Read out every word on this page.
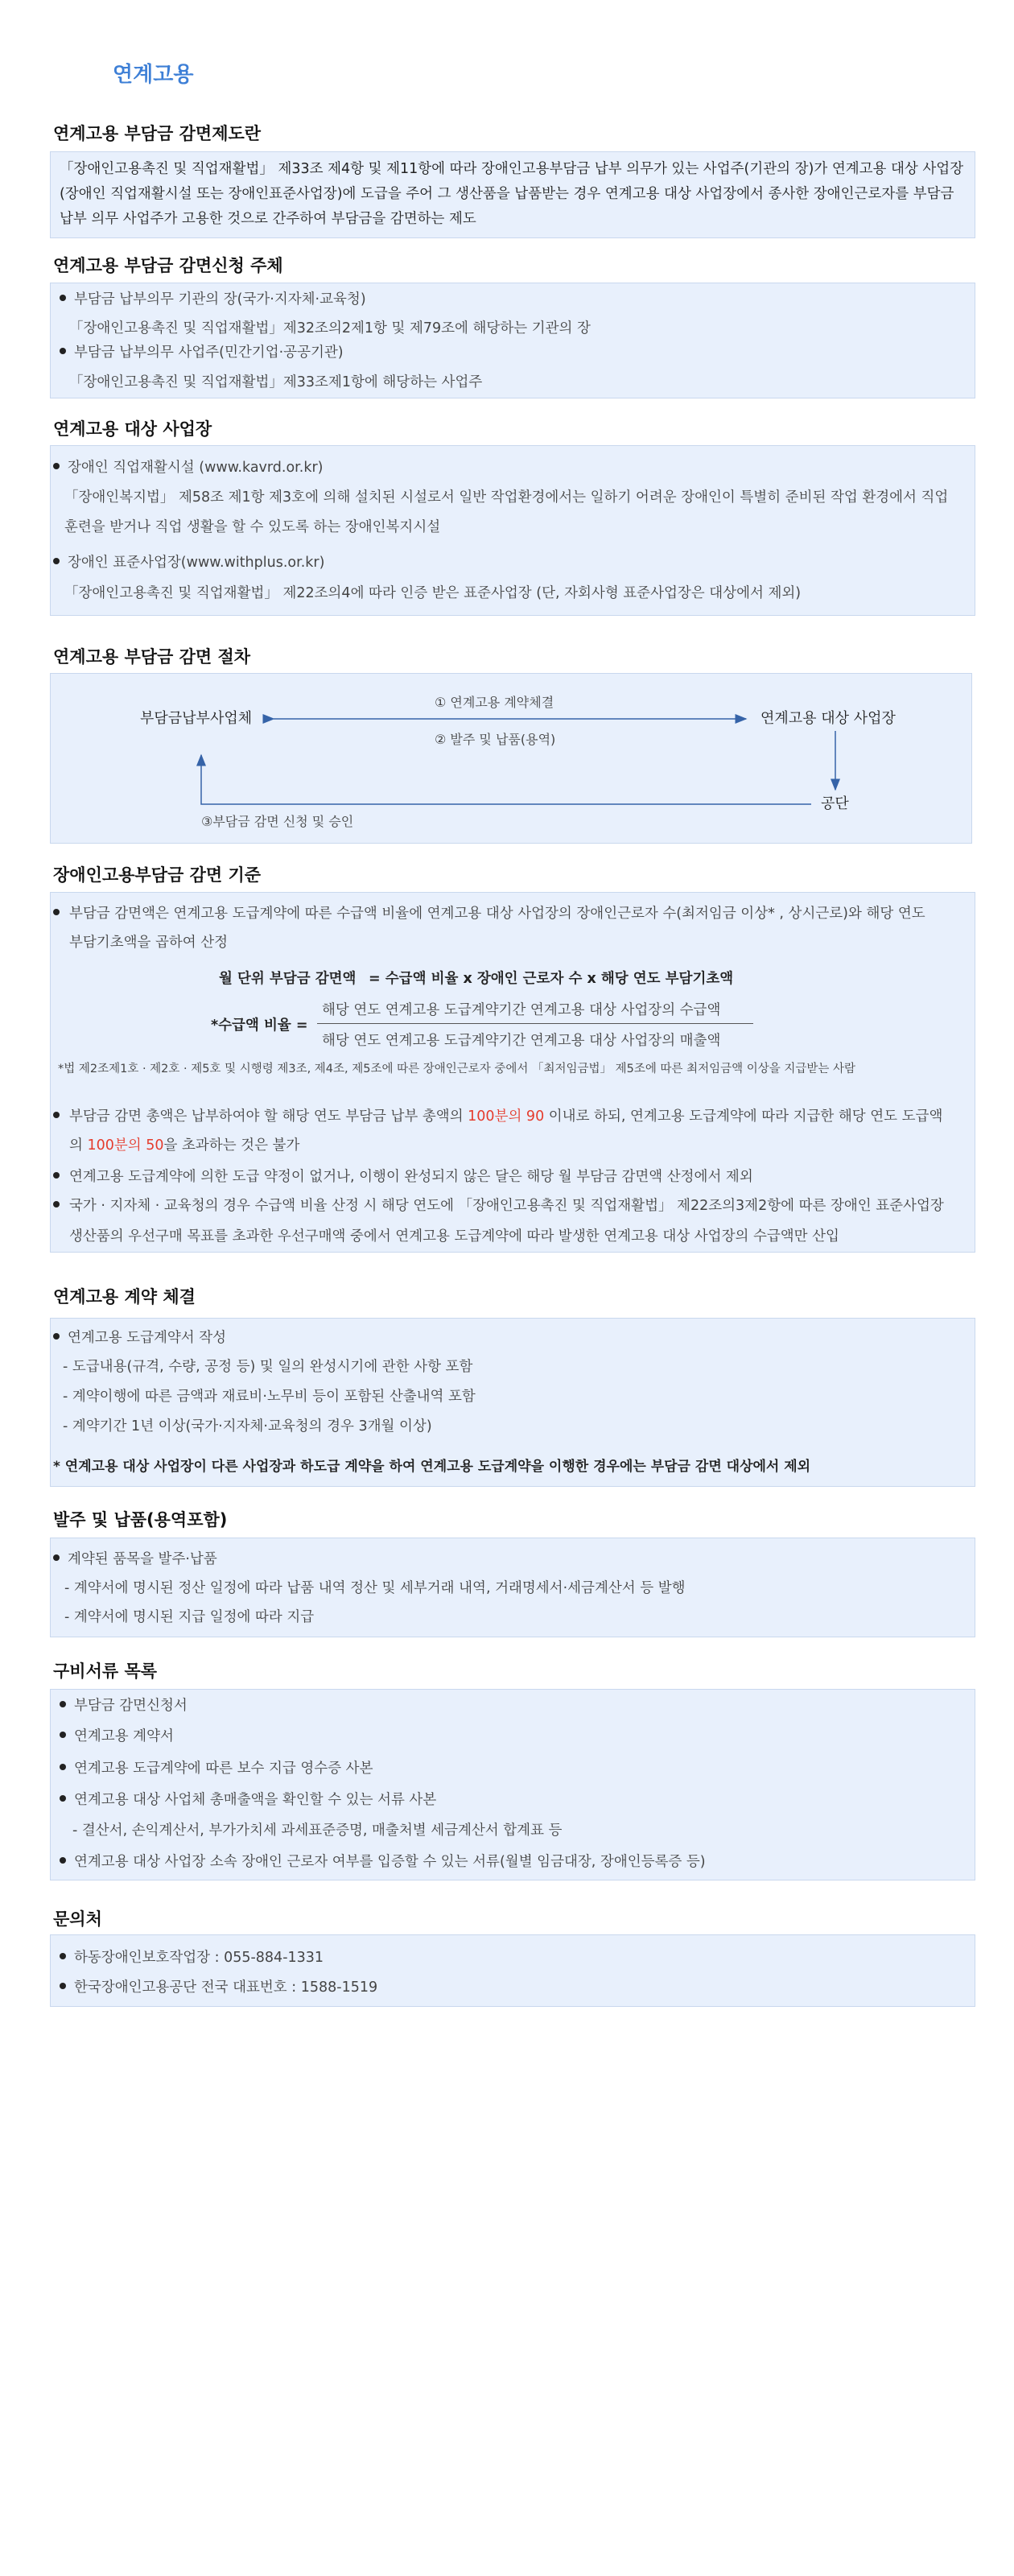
연계고용
연계고용 부담금 감면제도란

「장애인고용촉진 및 직업재활법」 제33조 제4항 및 제11항에 따라 장애인고용부담금 납부 의무가 있는 사업주(기관의 장)가 연계고용 대상 사업장(장애인 직업재활시설 또는 장애인표준사업장)에 도급을 주어 그 생산품을 납품받는 경우 연계고용 대상 사업장에서 종사한 장애인근로자를 부담금 납부 의무 사업주가 고용한 것으로 간주하여 부담금을 감면하는 제도

연계고용 부담금 감면신청 주체

부담금 납부의무 기관의 장(국가·지자체·교육청)

「장애인고용촉진 및 직업재활법」제32조의2제1항 및 제79조에 해당하는 기관의 장

부담금 납부의무 사업주(민간기업·공공기관)

「장애인고용촉진 및 직업재활법」제33조제1항에 해당하는 사업주

연계고용 대상 사업장

장애인 직업재활시설 (www.kavrd.or.kr)

「장애인복지법」 제58조 제1항 제3호에 의해 설치된 시설로서 일반 작업환경에서는 일하기 어려운 장애인이 특별히 준비된 작업 환경에서 직업

훈련을 받거나 직업 생활을 할 수 있도록 하는 장애인복지시설

장애인 표준사업장(www.withplus.or.kr)

「장애인고용촉진 및 직업재활법」 제22조의4에 따라 인증 받은 표준사업장 (단, 자회사형 표준사업장은 대상에서 제외)

연계고용 부담금 감면 절차
부담금납부사업체	연계고용 대상 사업장
공단
① 연계고용 계약체결
② 발주 및 납품(용역)
③부담금 감면 신청 및 승인
장애인고용부담금 감면 기준

부담금 감면액은 연계고용 도급계약에 따른 수급액 비율에 연계고용 대상 사업장의 장애인근로자 수(최저임금 이상* , 상시근로)와 해당 연도

부담기초액을 곱하여 산정

월 단위 부담금 감면액 = 수급액 비율 x 장애인 근로자 수 x 해당 연도 부담기초액

*수급액 비율 =

해당 연도 연계고용 도급계약기간 연계고용 대상 사업장의 수급액

해당 연도 연계고용 도급계약기간 연계고용 대상 사업장의 매출액

*법 제2조제1호 · 제2호 · 제5호 및 시행령 제3조, 제4조, 제5조에 따른 장애인근로자 중에서 「최저임금법」 제5조에 따른 최저임금액 이상을 지급받는 사람

부담금 감면 총액은 납부하여야 할 해당 연도 부담금 납부 총액의 100분의 90 이내로 하되, 연계고용 도급계약에 따라 지급한 해당 연도 도급액

의 100분의 50을 초과하는 것은 불가

연계고용 도급계약에 의한 도급 약정이 없거나, 이행이 완성되지 않은 달은 해당 월 부담금 감면액 산정에서 제외

국가 · 지자체 · 교육청의 경우 수급액 비율 산정 시 해당 연도에 「장애인고용촉진 및 직업재활법」 제22조의3제2항에 따른 장애인 표준사업장

생산품의 우선구매 목표를 초과한 우선구매액 중에서 연계고용 도급계약에 따라 발생한 연계고용 대상 사업장의 수급액만 산입

연계고용 계약 체결

연계고용 도급계약서 작성

- 도급내용(규격, 수량, 공정 등) 및 일의 완성시기에 관한 사항 포함

- 계약이행에 따른 금액과 재료비·노무비 등이 포함된 산출내역 포함

- 계약기간 1년 이상(국가·지자체·교육청의 경우 3개월 이상)

* 연계고용 대상 사업장이 다른 사업장과 하도급 계약을 하여 연계고용 도급계약을 이행한 경우에는 부담금 감면 대상에서 제외

발주 및 납품(용역포함)

계약된 품목을 발주·납품

- 계약서에 명시된 정산 일정에 따라 납품 내역 정산 및 세부거래 내역, 거래명세서·세금계산서 등 발행

- 계약서에 명시된 지급 일정에 따라 지급

구비서류 목록

부담금 감면신청서

연계고용 계약서

연계고용 도급계약에 따른 보수 지급 영수증 사본

연계고용 대상 사업체 총매출액을 확인할 수 있는 서류 사본

- 결산서, 손익계산서, 부가가치세 과세표준증명, 매출처별 세금계산서 합계표 등

연계고용 대상 사업장 소속 장애인 근로자 여부를 입증할 수 있는 서류(월별 임금대장, 장애인등록증 등)

문의처

하동장애인보호작업장 : 055-884-1331

한국장애인고용공단 전국 대표번호 : 1588-1519
